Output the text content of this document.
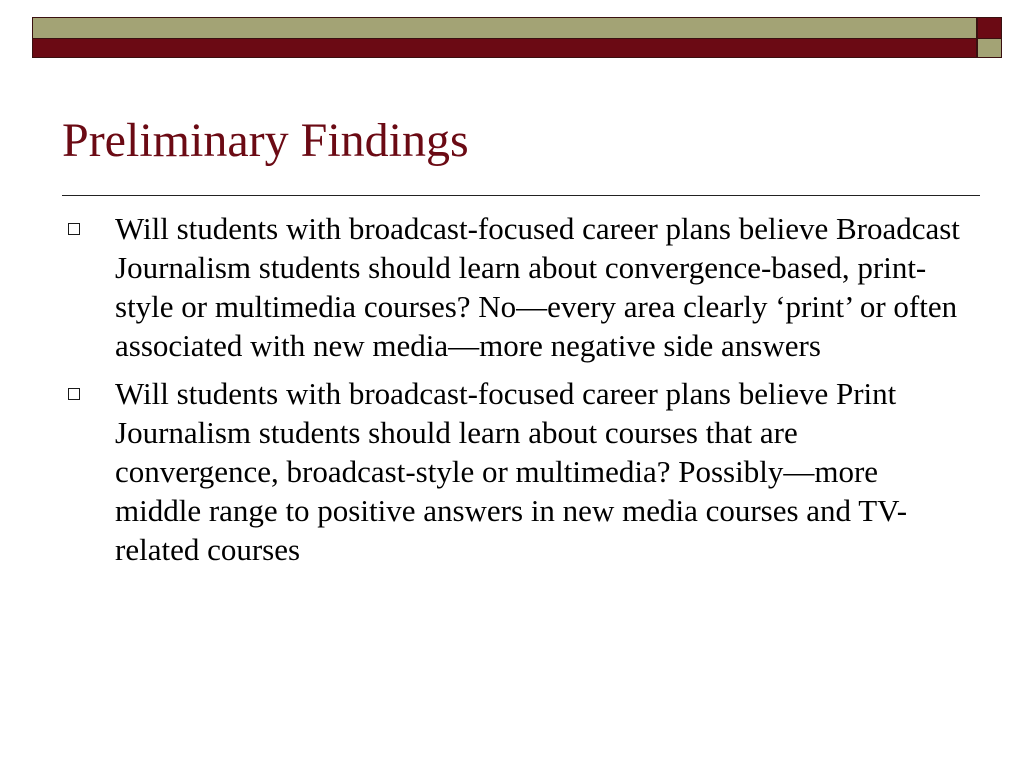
Preliminary Findings
Will students with broadcast-focused career plans believe Broadcast Journalism students should learn about convergence-based, print-style or multimedia courses? No—every area clearly ‘print’ or often associated with new media—more negative side answers
Will students with broadcast-focused career plans believe Print Journalism students should learn about courses that are convergence, broadcast-style or multimedia? Possibly—more middle range to positive answers in new media courses and TV-related courses
